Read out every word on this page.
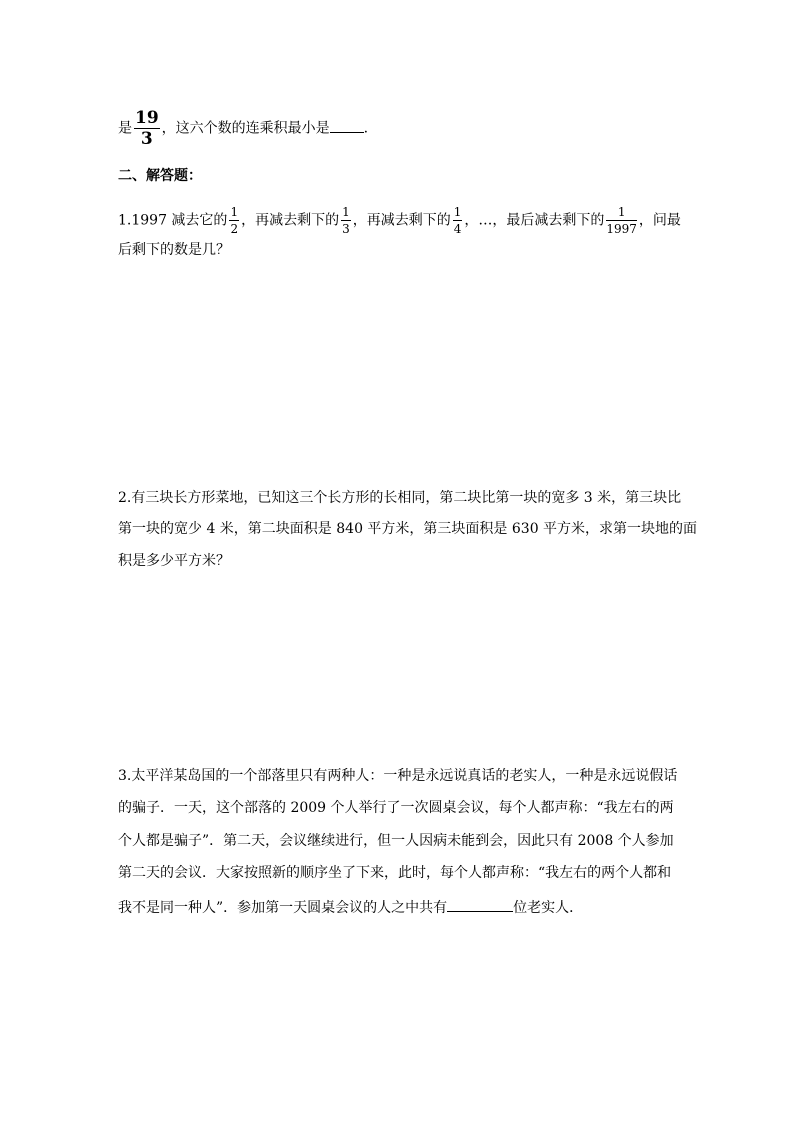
是 $\frac{19}{3}$ ，这六个数的连乘积最小是 .
二、解答题：
1.1997 减去它的 $\frac{1}{2}$ ，再减去剩下的 $\frac{1}{3}$ ，再减去剩下的 $\frac{1}{4}$ ，…，最后减去剩下的 $\frac{1}{1997}$ ，问最
后剩下的数是几？
2.有三块长方形菜地，已知这三个长方形的长相同，第二块比第一块的宽多 3 米，第三块比
第一块的宽少 4 米，第二块面积是 840 平方米，第三块面积是 630 平方米，求第一块地的面
积是多少平方米？
3.太平洋某岛国的一个部落里只有两种人：一种是永远说真话的老实人，一种是永远说假话
的骗子．一天，这个部落的 2009 个人举行了一次圆桌会议，每个人都声称：“我左右的两
个人都是骗子”．第二天，会议继续进行，但一人因病未能到会，因此只有 2008 个人参加
第二天的会议．大家按照新的顺序坐了下来，此时，每个人都声称：“我左右的两个人都和
我不是同一种人”．参加第一天圆桌会议的人之中共有	位老实人．
